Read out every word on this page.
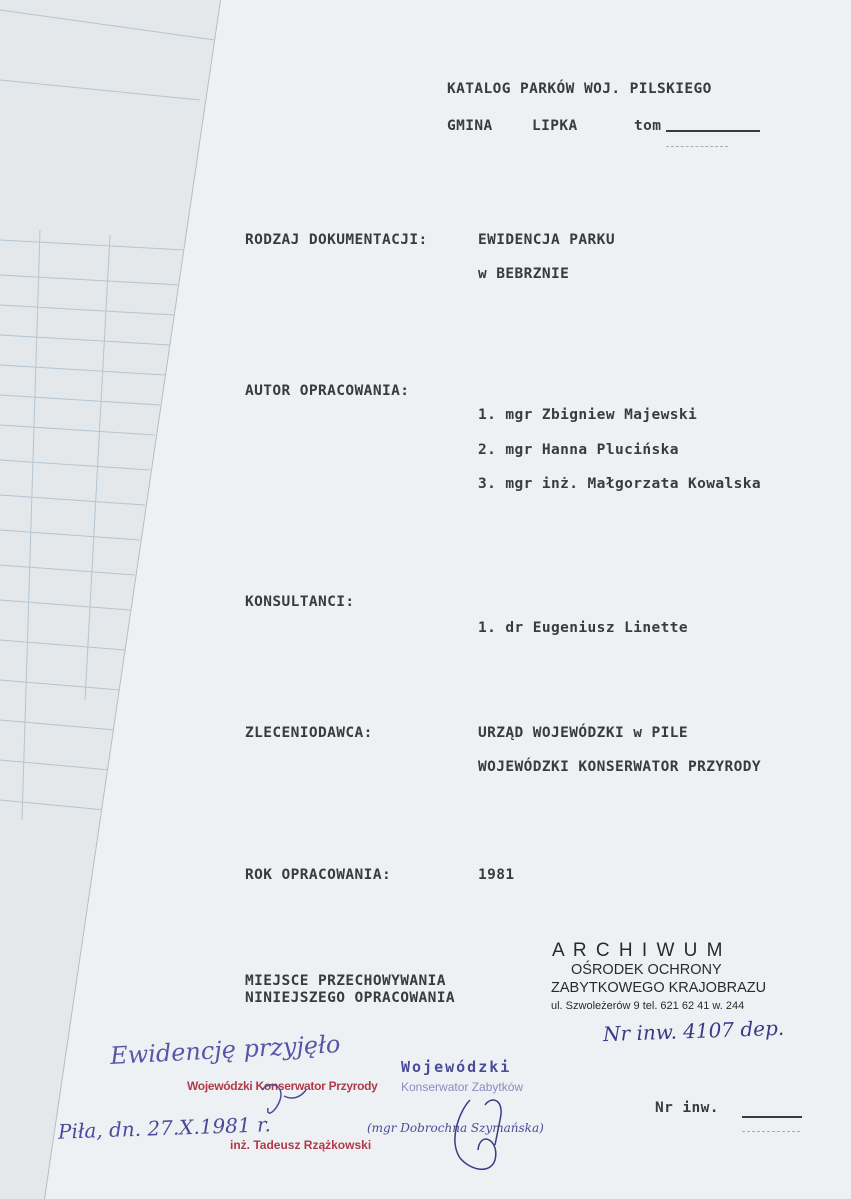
KATALOG PARKÓW WOJ. PILSKIEGO

GMINA	LIPKA	tom

RODZAJ DOKUMENTACJI:	EWIDENCJA PARKU

w BEBRZNIE

AUTOR OPRACOWANIA:

1. mgr Zbigniew Majewski

2. mgr Hanna Plucińska

3. mgr inż. Małgorzata Kowalska

KONSULTANCI:

1. dr Eugeniusz Linette

ZLECENIODAWCA:	URZĄD WOJEWÓDZKI w PILE

WOJEWÓDZKI KONSERWATOR PRZYRODY

ROK OPRACOWANIA:	1981

MIEJSCE PRZECHOWYWANIA

NINIEJSZEGO OPRACOWANIA

A R C H I W U M

OŚRODEK OCHRONY

ZABYTKOWEGO KRAJOBRAZU

ul. Szwoleżerów 9 tel. 621 62 41 w. 244

Nr inw. 4107 dep.

Nr inw.

Ewidencję przyjęło

Wojewódzki Konserwator Przyrody

Piła, dn. 27.X.1981 r.

inż. Tadeusz Rzążkowski

Wojewódzki

Konserwator Zabytków

(mgr Dobrochna Szymańska)
